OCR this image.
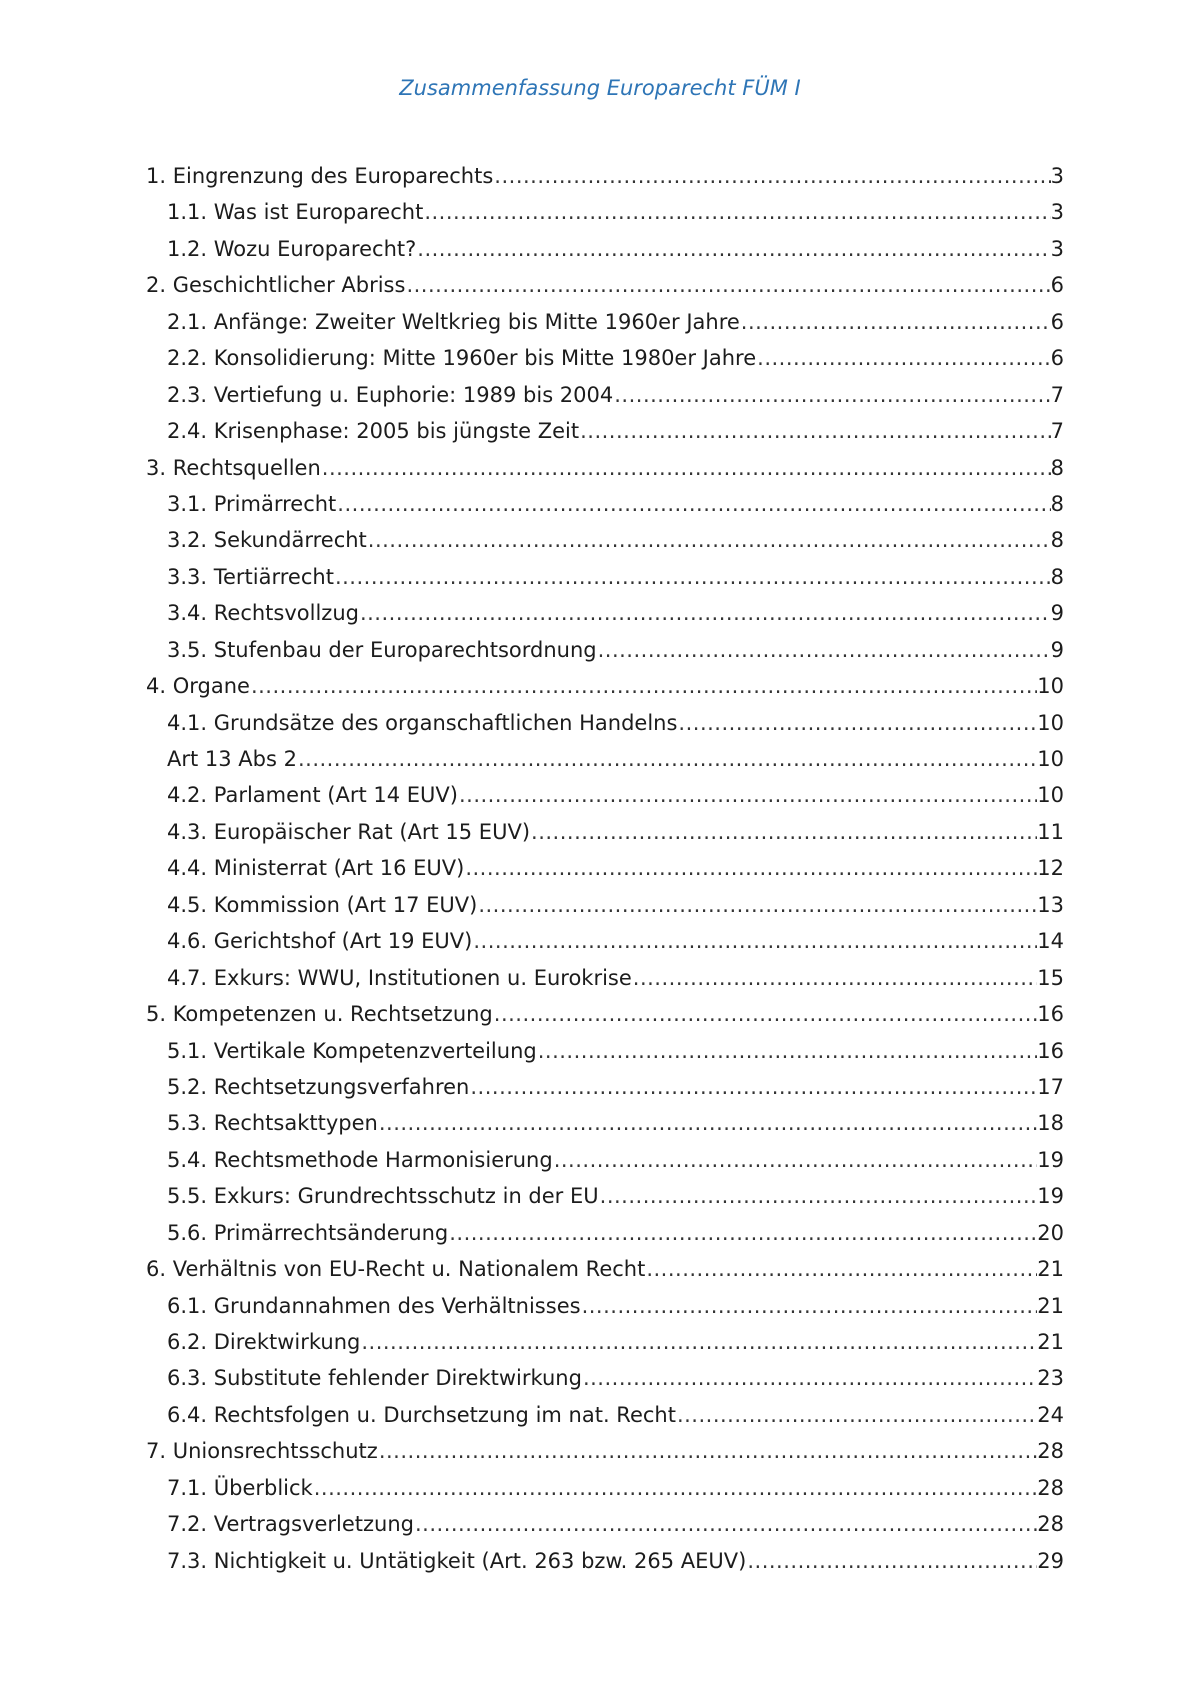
Zusammenfassung Europarecht FÜM I
1. Eingrenzung des Europarechts .....	3
1.1. Was ist Europarecht .....	3
1.2. Wozu Europarecht? .....	3
2. Geschichtlicher Abriss .....	6
2.1. Anfänge: Zweiter Weltkrieg bis Mitte 1960er Jahre .....	6
2.2. Konsolidierung: Mitte 1960er bis Mitte 1980er Jahre .....	6
2.3. Vertiefung u. Euphorie: 1989 bis 2004 .....	7
2.4. Krisenphase: 2005 bis jüngste Zeit .....	7
3. Rechtsquellen .....	8
3.1. Primärrecht .....	8
3.2. Sekundärrecht .....	8
3.3. Tertiärrecht .....	8
3.4. Rechtsvollzug .....	9
3.5. Stufenbau der Europarechtsordnung .....	9
4. Organe .....	10
4.1. Grundsätze des organschaftlichen Handelns .....	10
Art 13 Abs 2 .....	10
4.2. Parlament (Art 14 EUV) .....	10
4.3. Europäischer Rat (Art 15 EUV) .....	11
4.4. Ministerrat (Art 16 EUV) .....	12
4.5. Kommission (Art 17 EUV) .....	13
4.6. Gerichtshof (Art 19 EUV) .....	14
4.7. Exkurs: WWU, Institutionen u. Eurokrise .....	15
5. Kompetenzen u. Rechtsetzung .....	16
5.1. Vertikale Kompetenzverteilung .....	16
5.2. Rechtsetzungsverfahren .....	17
5.3. Rechtsakttypen .....	18
5.4. Rechtsmethode Harmonisierung .....	19
5.5. Exkurs: Grundrechtsschutz in der EU .....	19
5.6. Primärrechtsänderung .....	20
6. Verhältnis von EU-Recht u. Nationalem Recht .....	21
6.1. Grundannahmen des Verhältnisses .....	21
6.2. Direktwirkung .....	21
6.3. Substitute fehlender Direktwirkung .....	23
6.4. Rechtsfolgen u. Durchsetzung im nat. Recht .....	24
7. Unionsrechtsschutz .....	28
7.1. Überblick .....	28
7.2. Vertragsverletzung .....	28
7.3. Nichtigkeit u. Untätigkeit (Art. 263 bzw. 265 AEUV) .....	29
